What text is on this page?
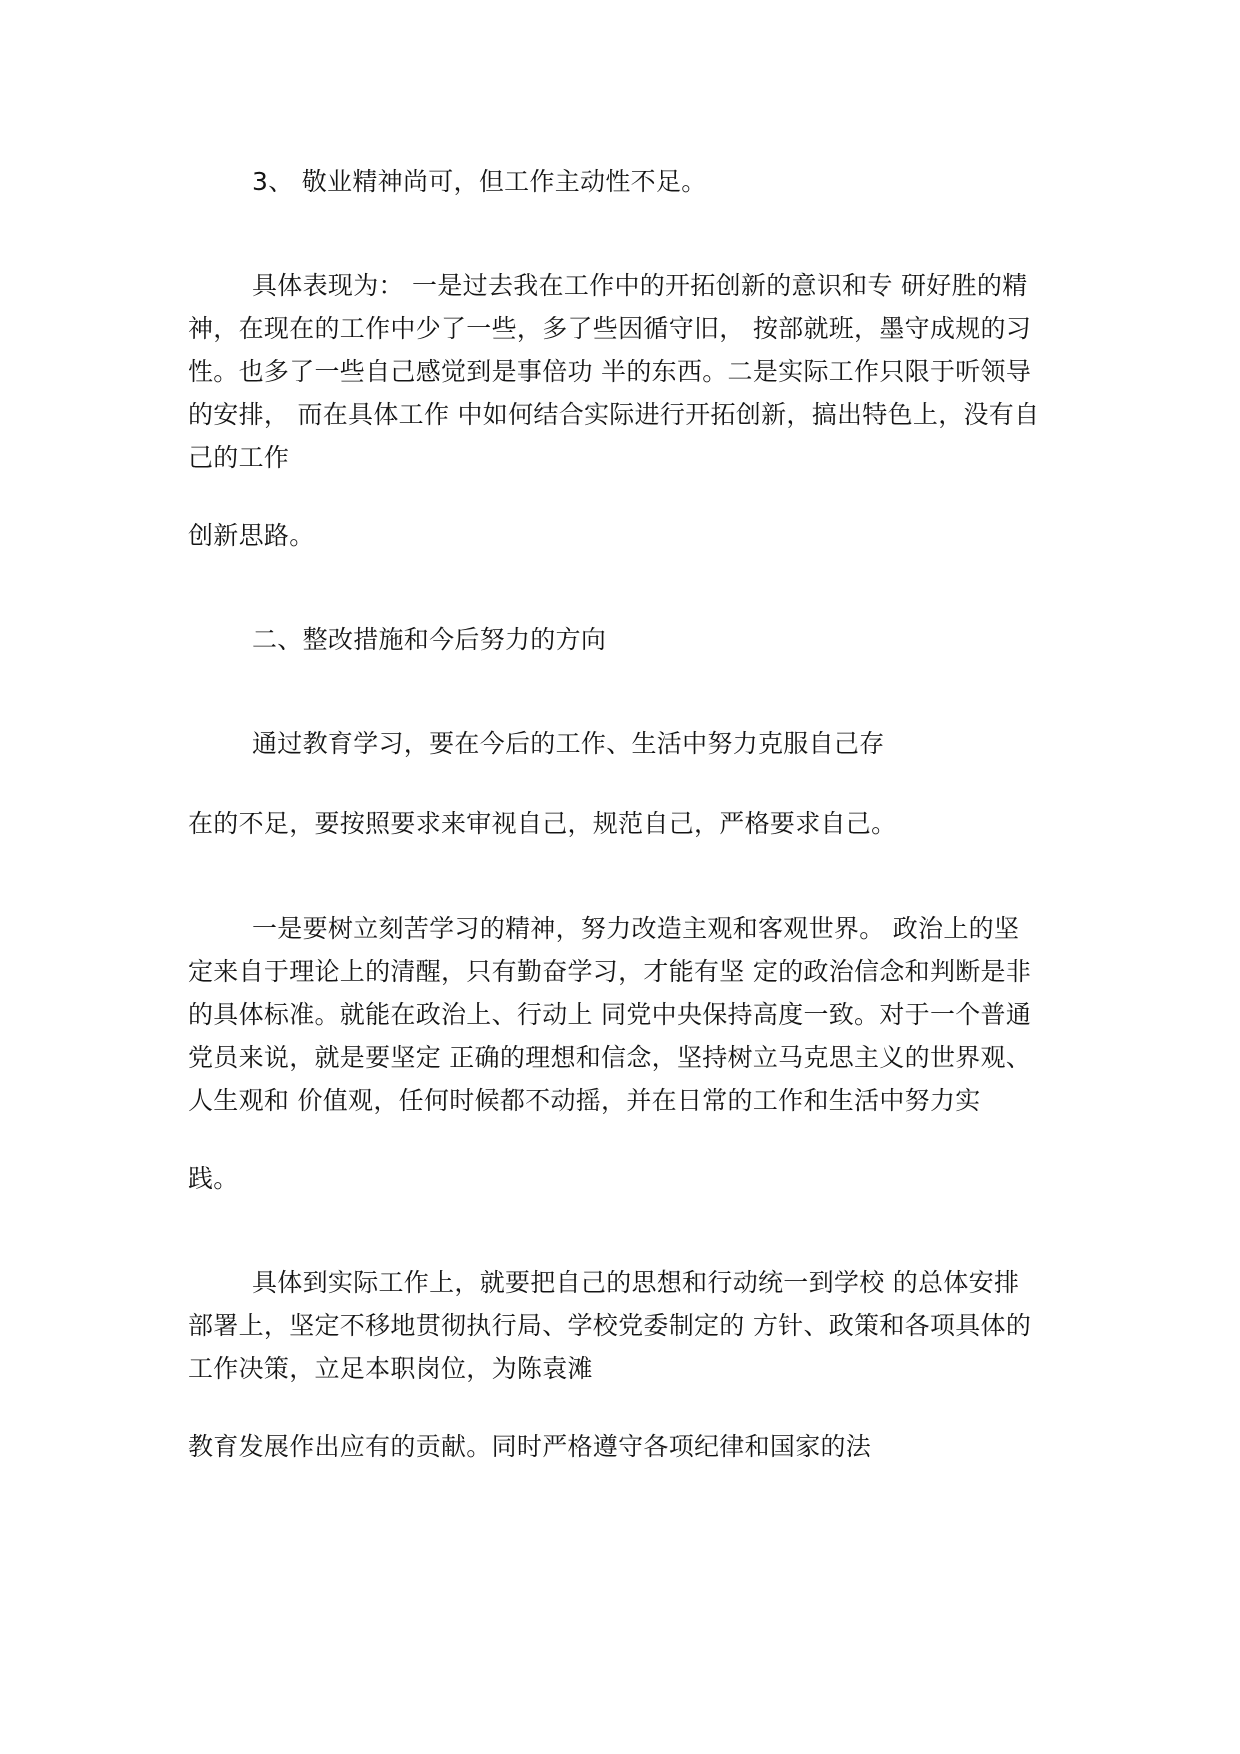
3、 敬业精神尚可，但工作主动性不足。
具体表现为： 一是过去我在工作中的开拓创新的意识和专 研好胜的精
神，在现在的工作中少了一些，多了些因循守旧， 按部就班，墨守成规的习
性。也多了一些自己感觉到是事倍功 半的东西。二是实际工作只限于听领导
的安排， 而在具体工作 中如何结合实际进行开拓创新，搞出特色上，没有自
己的工作
创新思路。
二、整改措施和今后努力的方向
通过教育学习，要在今后的工作、生活中努力克服自己存
在的不足，要按照要求来审视自己，规范自己，严格要求自己。
一是要树立刻苦学习的精神，努力改造主观和客观世界。 政治上的坚
定来自于理论上的清醒，只有勤奋学习，才能有坚 定的政治信念和判断是非
的具体标准。就能在政治上、行动上 同党中央保持高度一致。对于一个普通
党员来说，就是要坚定 正确的理想和信念，坚持树立马克思主义的世界观、
人生观和 价值观，任何时候都不动摇，并在日常的工作和生活中努力实
践。
具体到实际工作上，就要把自己的思想和行动统一到学校 的总体安排
部署上，坚定不移地贯彻执行局、学校党委制定的 方针、政策和各项具体的
工作决策，立足本职岗位，为陈袁滩
教育发展作出应有的贡献。同时严格遵守各项纪律和国家的法
